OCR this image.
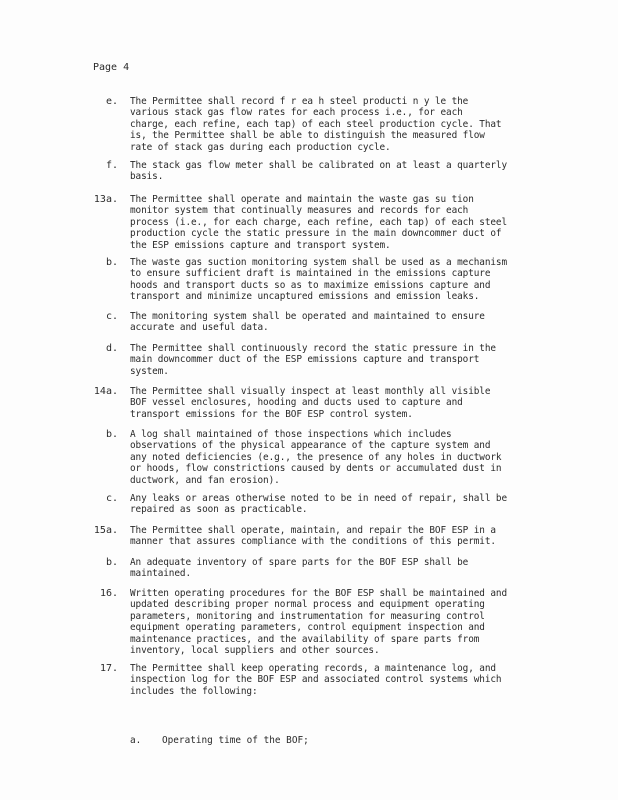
Page 4
e. The Permittee shall record f r ea h steel producti n y le the
various stack gas flow rates for each process i.e., for each
charge, each refine, each tap) of each steel production cycle. That
is, the Permittee shall be able to distinguish the measured flow
rate of stack gas during each production cycle.
f. The stack gas flow meter shall be calibrated on at least a quarterly
basis.
13a. The Permittee shall operate and maintain the waste gas su tion
monitor system that continually measures and records for each
process (i.e., for each charge, each refine, each tap) of each steel
production cycle the static pressure in the main downcommer duct of
the ESP emissions capture and transport system.
b. The waste gas suction monitoring system shall be used as a mechanism
to ensure sufficient draft is maintained in the emissions capture
hoods and transport ducts so as to maximize emissions capture and
transport and minimize uncaptured emissions and emission leaks.
c. The monitoring system shall be operated and maintained to ensure
accurate and useful data.
d. The Permittee shall continuously record the static pressure in the
main downcommer duct of the ESP emissions capture and transport
system.
14a. The Permittee shall visually inspect at least monthly all visible
BOF vessel enclosures, hooding and ducts used to capture and
transport emissions for the BOF ESP control system.
b. A log shall maintained of those inspections which includes
observations of the physical appearance of the capture system and
any noted deficiencies (e.g., the presence of any holes in ductwork
or hoods, flow constrictions caused by dents or accumulated dust in
ductwork, and fan erosion).
c. Any leaks or areas otherwise noted to be in need of repair, shall be
repaired as soon as practicable.
15a. The Permittee shall operate, maintain, and repair the BOF ESP in a
manner that assures compliance with the conditions of this permit.
b. An adequate inventory of spare parts for the BOF ESP shall be
maintained.
16. Written operating procedures for the BOF ESP shall be maintained and
updated describing proper normal process and equipment operating
parameters, monitoring and instrumentation for measuring control
equipment operating parameters, control equipment inspection and
maintenance practices, and the availability of spare parts from
inventory, local suppliers and other sources.
17. The Permittee shall keep operating records, a maintenance log, and
inspection log for the BOF ESP and associated control systems which
includes the following:
a. Operating time of the BOF;
